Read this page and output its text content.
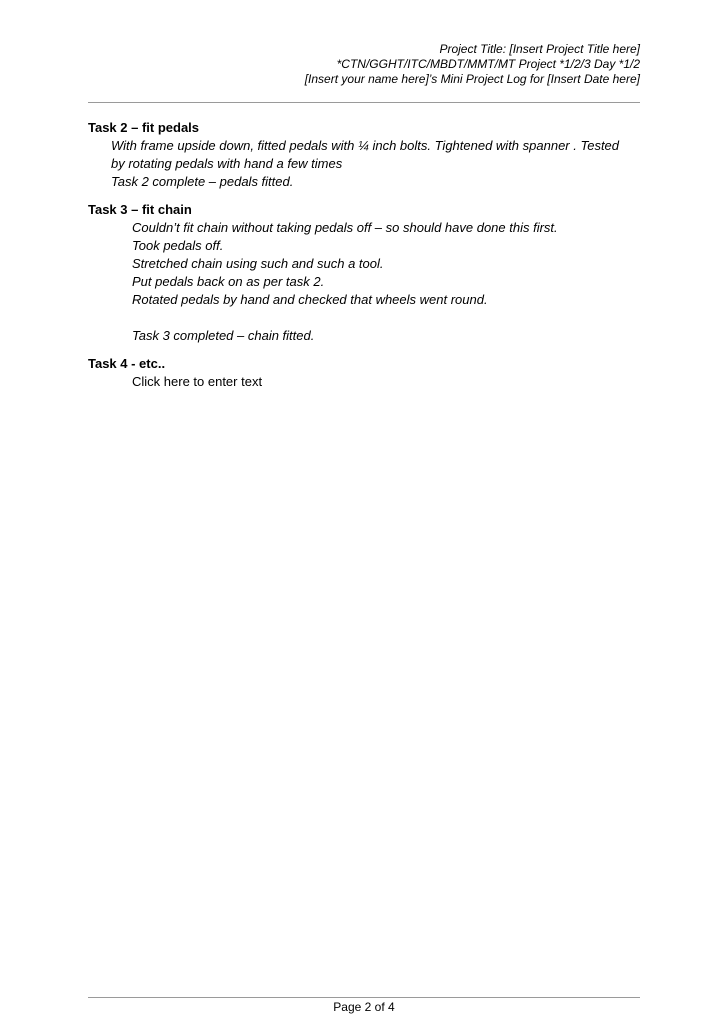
Project Title: [Insert Project Title here]
*CTN/GGHT/ITC/MBDT/MMT/MT Project *1/2/3 Day *1/2
[Insert your name here]’s Mini Project Log for [Insert Date here]
Task 2 – fit pedals
With frame upside down, fitted pedals with ¼ inch bolts. Tightened with spanner . Tested
by rotating pedals with hand a few times
Task 2 complete – pedals fitted.
Task 3 – fit chain
Couldn’t fit chain without taking pedals off – so should have done this first.
Took pedals off.
Stretched chain using such and such a tool.
Put pedals back on as per task 2.
Rotated pedals by hand and checked that wheels went round.
Task 3 completed – chain fitted.
Task 4 - etc..
Click here to enter text
Page 2 of 4
